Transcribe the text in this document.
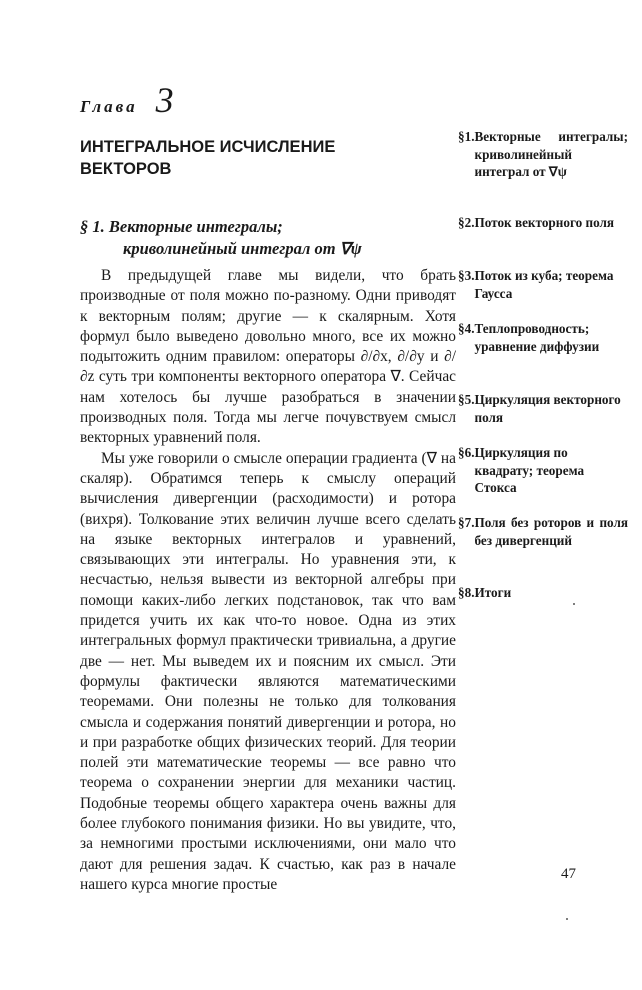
Глава 3
ИНТЕГРАЛЬНОЕ ИСЧИСЛЕНИЕ
ВЕКТОРОВ
§ 1. Векторные интегралы;
криволинейный интеграл от ∇ψ

В предыдущей главе мы видели, что брать производные от поля можно по-разному. Одни приводят к векторным полям; другие — к скалярным. Хотя формул было выведено довольно много, все их можно подытожить одним правилом: операторы ∂/∂x, ∂/∂y и ∂/∂z суть три компоненты векторного оператора ∇. Сейчас нам хотелось бы лучше разобраться в значении производных поля. Тогда мы легче почувствуем смысл векторных уравнений поля.

Мы уже говорили о смысле операции градиента (∇ на скаляр). Обратимся теперь к смыслу операций вычисления дивергенции (расходимости) и ротора (вихря). Толкование этих величин лучше всего сделать на языке векторных интегралов и уравнений, связывающих эти интегралы. Но уравнения эти, к несчастью, нельзя вывести из векторной алгебры при помощи каких-либо легких подстановок, так что вам придется учить их как что-то новое. Одна из этих интегральных формул практически тривиальна, а другие две — нет. Мы выведем их и поясним их смысл. Эти формулы фактически являются математическими теоремами. Они полезны не только для толкования смысла и содержания понятий дивергенции и ротора, но и при разработке общих физических теорий. Для теории полей эти математические теоремы — все равно что теорема о сохранении энергии для механики частиц. Подобные теоремы общего характера очень важны для более глубокого понимания физики. Но вы увидите, что, за немногими простыми исключениями, они мало что дают для решения задач. К счастью, как раз в начале нашего курса многие простые

§1. Векторные интегралы; криволинейный интеграл от ∇ψ
§2. Поток векторного поля
§3. Поток из куба; теорема Гаусса
§4. Теплопроводность; уравнение диффузии
§5. Циркуляция векторного поля
§6. Циркуляция по квадрату; теорема Стокса
§7. Поля без роторов и поля без дивергенций
§8. Итоги
47
